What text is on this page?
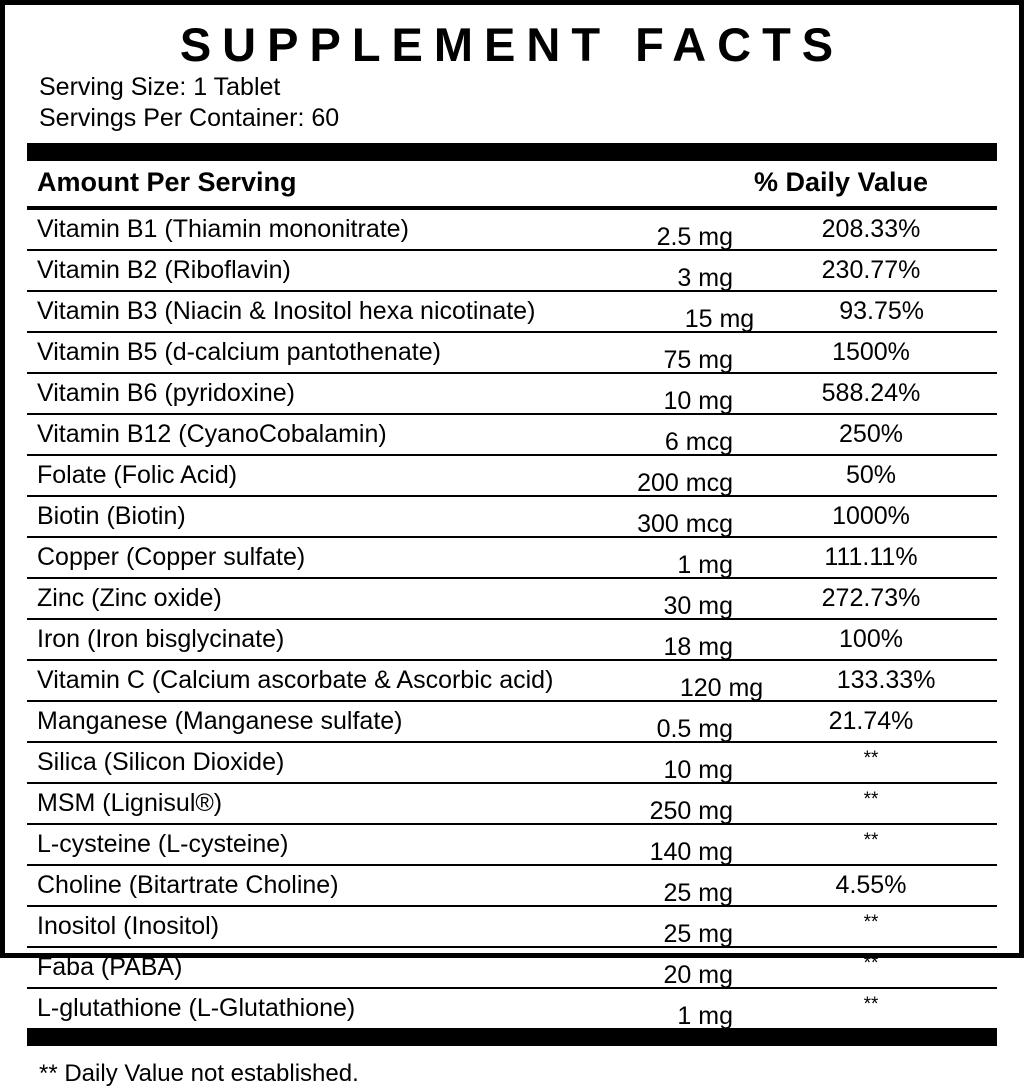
SUPPLEMENT FACTS
Serving Size: 1 Tablet
Servings Per Container: 60
Amount Per Serving	% Daily Value
Vitamin B1 (Thiamin mononitrate)	2.5 mg	208.33%
Vitamin B2 (Riboflavin)	3 mg	230.77%
Vitamin B3 (Niacin & Inositol hexa nicotinate)	15 mg	93.75%
Vitamin B5 (d-calcium pantothenate)	75 mg	1500%
Vitamin B6 (pyridoxine)	10 mg	588.24%
Vitamin B12 (CyanoCobalamin)	6 mcg	250%
Folate (Folic Acid)	200 mcg	50%
Biotin (Biotin)	300 mcg	1000%
Copper (Copper sulfate)	1 mg	111.11%
Zinc (Zinc oxide)	30 mg	272.73%
Iron (Iron bisglycinate)	18 mg	100%
Vitamin C (Calcium ascorbate & Ascorbic acid)	120 mg	133.33%
Manganese (Manganese sulfate)	0.5 mg	21.74%
Silica (Silicon Dioxide)	10 mg	**
MSM (Lignisul®)	250 mg	**
L-cysteine (L-cysteine)	140 mg	**
Choline (Bitartrate Choline)	25 mg	4.55%
Inositol (Inositol)	25 mg	**
Faba (PABA)	20 mg	**
L-glutathione (L-Glutathione)	1 mg	**
** Daily Value not established.
